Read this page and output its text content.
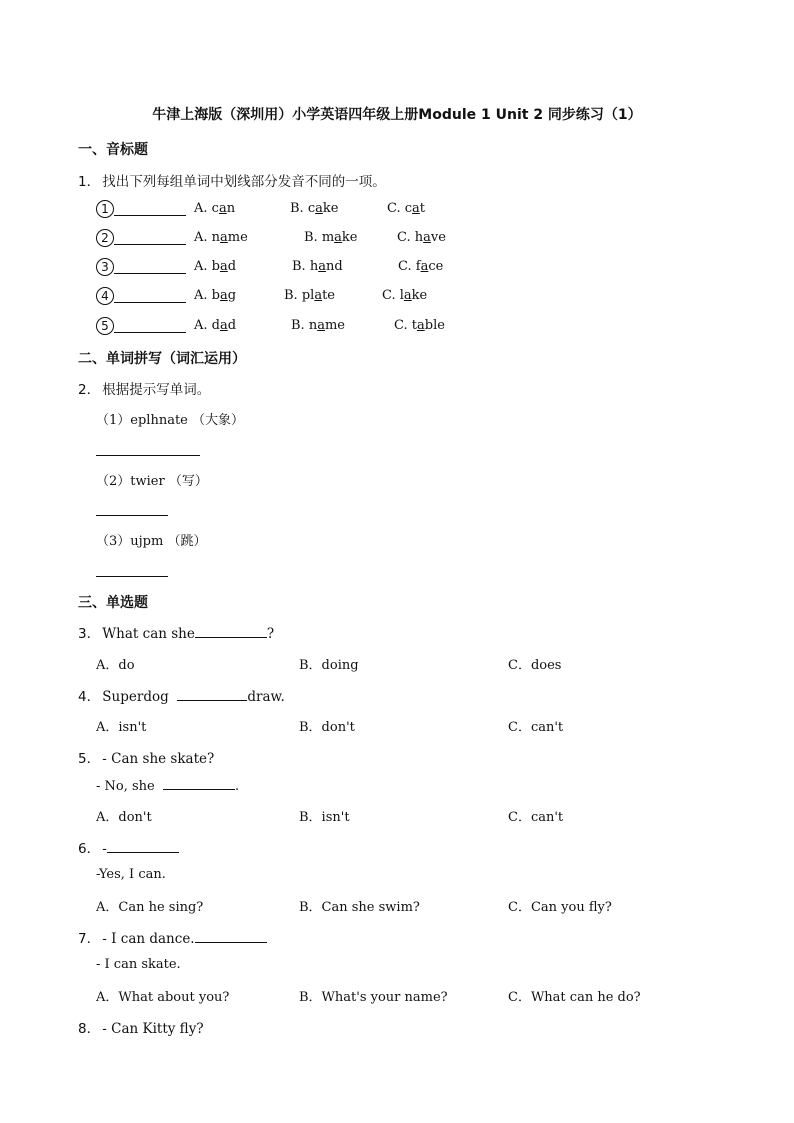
牛津上海版（深圳用）小学英语四年级上册Module 1 Unit 2 同步练习（1）
一、音标题
1． 找出下列每组单词中划线部分发音不同的一项。
1	A. can	B. cake	C. cat
2	A. name	B. make	C. have
3	A. bad	B. hand	C. face
4	A. bag	B. plate	C. lake
5	A. dad	B. name	C. table
二、单词拼写（词汇运用）
2． 根据提示写单词。
（1）eplhnate （大象）
（2）twier （写）
（3）ujpm （跳）
三、单选题
3． What can she	?
A．do	B．doing	C．does
4． Superdog	draw.
A．isn't	B．don't	C．can't
5． - Can she skate?
- No, she	.
A．don't	B．isn't	C．can't
6． -
-Yes, I can.
A．Can he sing?	B．Can she swim?	C．Can you fly?
7． - I can dance.
- I can skate.
A．What about you?	B．What's your name?	C．What can he do?
8． - Can Kitty fly?
